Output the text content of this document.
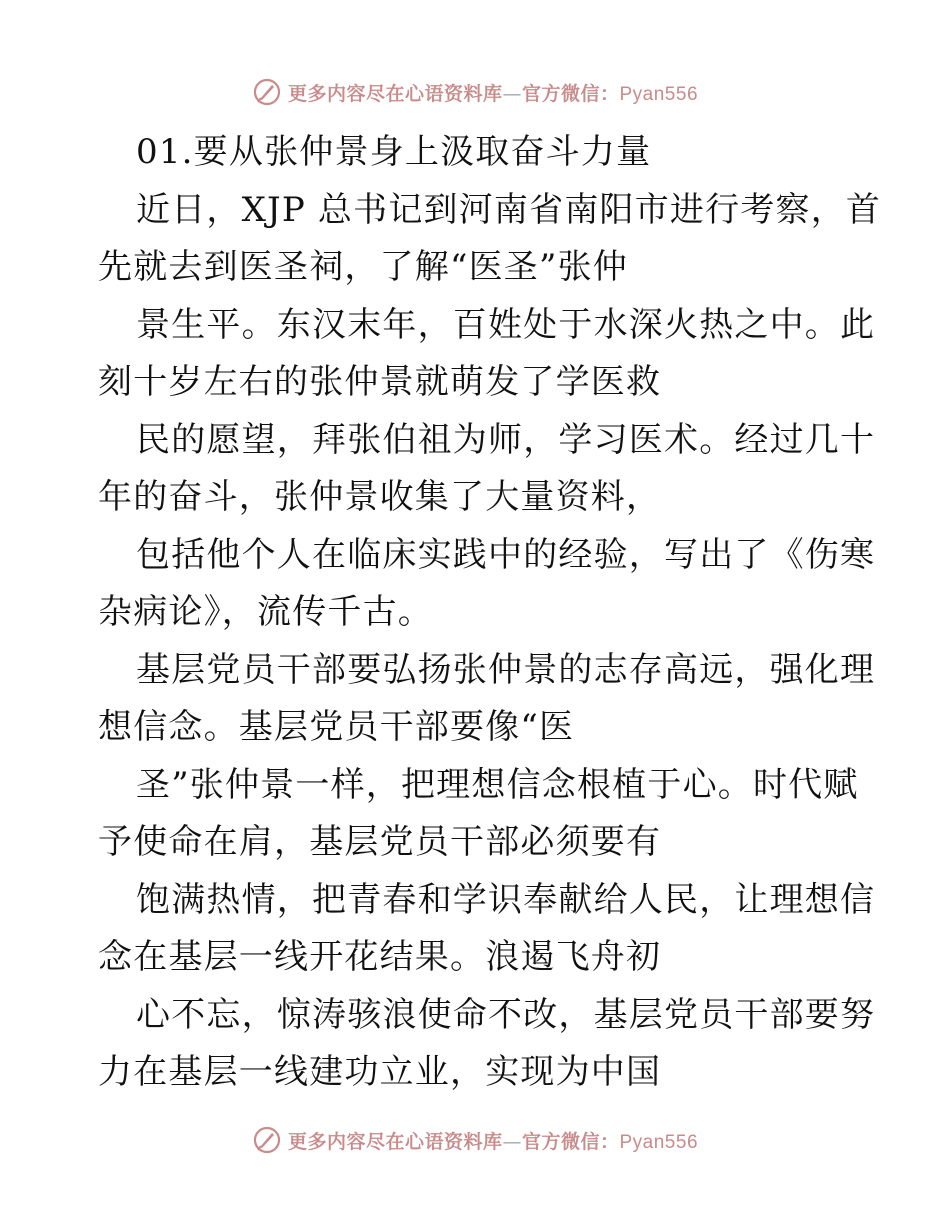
更多内容尽在心语资料库—官方微信：Pyan556
01.要从张仲景身上汲取奋斗力量
近日，XJP 总书记到河南省南阳市进行考察，首
先就去到医圣祠，了解“医圣”张仲
景生平。东汉末年，百姓处于水深火热之中。此
刻十岁左右的张仲景就萌发了学医救
民的愿望，拜张伯祖为师，学习医术。经过几十
年的奋斗，张仲景收集了大量资料，
包括他个人在临床实践中的经验，写出了《伤寒
杂病论》，流传千古。
基层党员干部要弘扬张仲景的志存高远，强化理
想信念。基层党员干部要像“医
圣”张仲景一样，把理想信念根植于心。时代赋
予使命在肩，基层党员干部必须要有
饱满热情，把青春和学识奉献给人民，让理想信
念在基层一线开花结果。浪遏飞舟初
心不忘，惊涛骇浪使命不改，基层党员干部要努
力在基层一线建功立业，实现为中国
更多内容尽在心语资料库—官方微信：Pyan556
